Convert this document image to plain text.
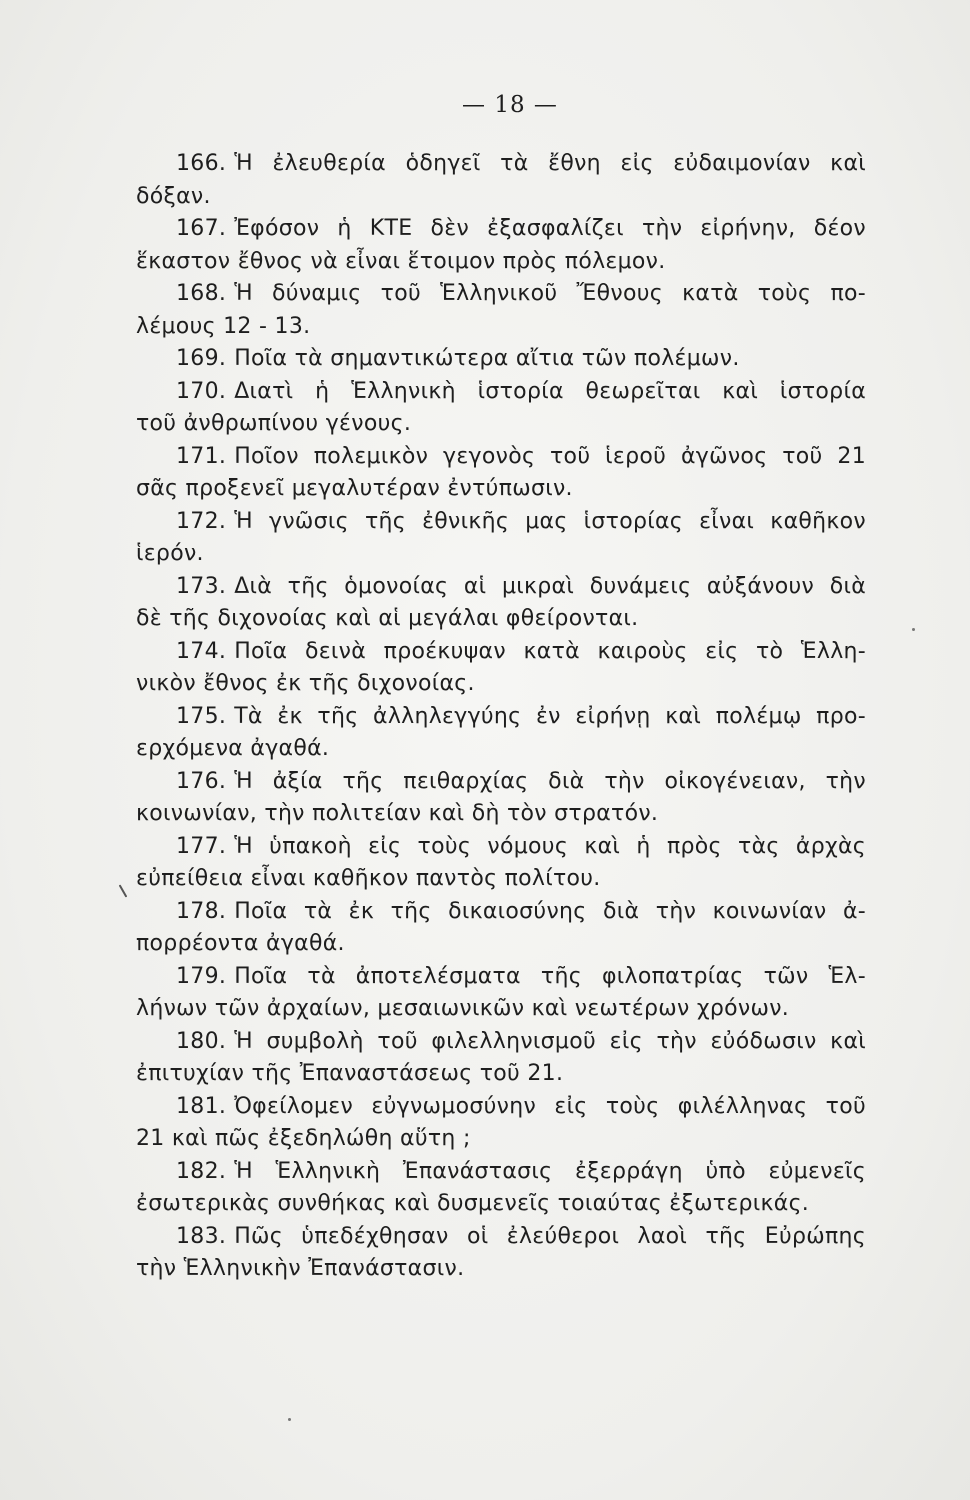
— 18 —
166. Ἡ ἐλευθερία ὁδηγεῖ τὰ ἔθνη εἰς εὐδαιμονίαν καὶ
δόξαν.
167. Ἐφόσον ἡ ΚΤΕ δὲν ἐξασφαλίζει τὴν εἰρήνην, δέον
ἕκαστον ἔθνος νὰ εἶναι ἕτοιμον πρὸς πόλεμον.
168. Ἡ δύναμις τοῦ Ἑλληνικοῦ Ἔθνους κατὰ τοὺς πο-
λέμους 12 - 13.
169. Ποῖα τὰ σημαντικώτερα αἴτια τῶν πολέμων.
170. Διατὶ ἡ Ἑλληνικὴ ἱστορία θεωρεῖται καὶ ἱστορία
τοῦ ἀνθρωπίνου γένους.
171. Ποῖον πολεμικὸν γεγονὸς τοῦ ἱεροῦ ἀγῶνος τοῦ 21
σᾶς προξενεῖ μεγαλυτέραν ἐντύπωσιν.
172. Ἡ γνῶσις τῆς ἐθνικῆς μας ἱστορίας εἶναι καθῆκον
ἱερόν.
173. Διὰ τῆς ὁμονοίας αἱ μικραὶ δυνάμεις αὐξάνουν διὰ
δὲ τῆς διχονοίας καὶ αἱ μεγάλαι φθείρονται.
174. Ποῖα δεινὰ προέκυψαν κατὰ καιροὺς εἰς τὸ Ἑλλη-
νικὸν ἔθνος ἐκ τῆς διχονοίας.
175. Τὰ ἐκ τῆς ἀλληλεγγύης ἐν εἰρήνῃ καὶ πολέμῳ προ-
ερχόμενα ἀγαθά.
176. Ἡ ἀξία τῆς πειθαρχίας διὰ τὴν οἰκογένειαν, τὴν
κοινωνίαν, τὴν πολιτείαν καὶ δὴ τὸν στρατόν.
177. Ἡ ὑπακοὴ εἰς τοὺς νόμους καὶ ἡ πρὸς τὰς ἀρχὰς
εὐπείθεια εἶναι καθῆκον παντὸς πολίτου.
178. Ποῖα τὰ ἐκ τῆς δικαιοσύνης διὰ τὴν κοινωνίαν ἀ-
πορρέοντα ἀγαθά.
179. Ποῖα τὰ ἀποτελέσματα τῆς φιλοπατρίας τῶν Ἑλ-
λήνων τῶν ἀρχαίων, μεσαιωνικῶν καὶ νεωτέρων χρόνων.
180. Ἡ συμβολὴ τοῦ φιλελληνισμοῦ εἰς τὴν εὐόδωσιν καὶ
ἐπιτυχίαν τῆς Ἐπαναστάσεως τοῦ 21.
181. Ὀφείλομεν εὐγνωμοσύνην εἰς τοὺς φιλέλληνας τοῦ
21 καὶ πῶς ἐξεδηλώθη αὕτη ;
182. Ἡ Ἑλληνικὴ Ἐπανάστασις ἐξερράγη ὑπὸ εὐμενεῖς
ἐσωτερικὰς συνθήκας καὶ δυσμενεῖς τοιαύτας ἐξωτερικάς.
183. Πῶς ὑπεδέχθησαν οἱ ἐλεύθεροι λαοὶ τῆς Εὐρώπης
τὴν Ἑλληνικὴν Ἐπανάστασιν.
